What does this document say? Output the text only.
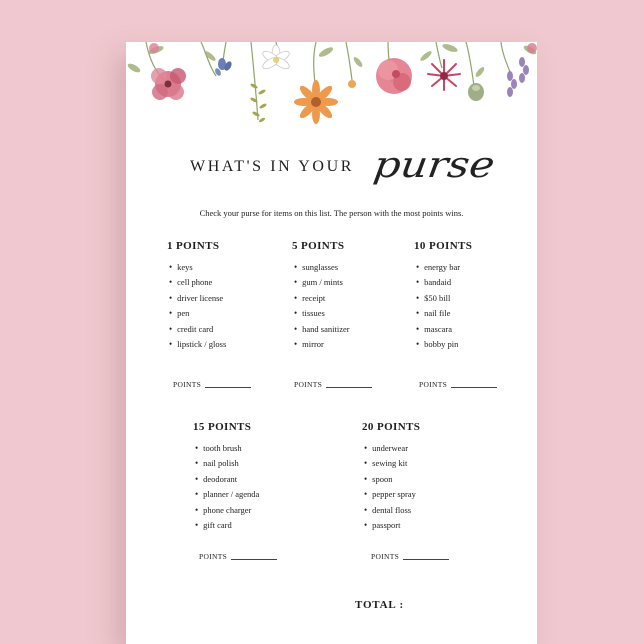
WHAT'S IN YOUR purse
Check your purse for items on this list. The person with the most points wins.
1 POINTS
• keys
• cell phone
• driver license
• pen
• credit card
• lipstick / gloss
5 POINTS
• sunglasses
• gum / mints
• receipt
• tissues
• hand sanitizer
• mirror
10 POINTS
• energy bar
• bandaid
• $50 bill
• nail file
• mascara
• bobby pin
POINTS	POINTS	POINTS
15 POINTS
• tooth brush
• nail polish
• deodorant
• planner / agenda
• phone charger
• gift card
20 POINTS
• underwear
• sewing kit
• spoon
• pepper spray
• dental floss
• passport
POINTS	POINTS
TOTAL :
